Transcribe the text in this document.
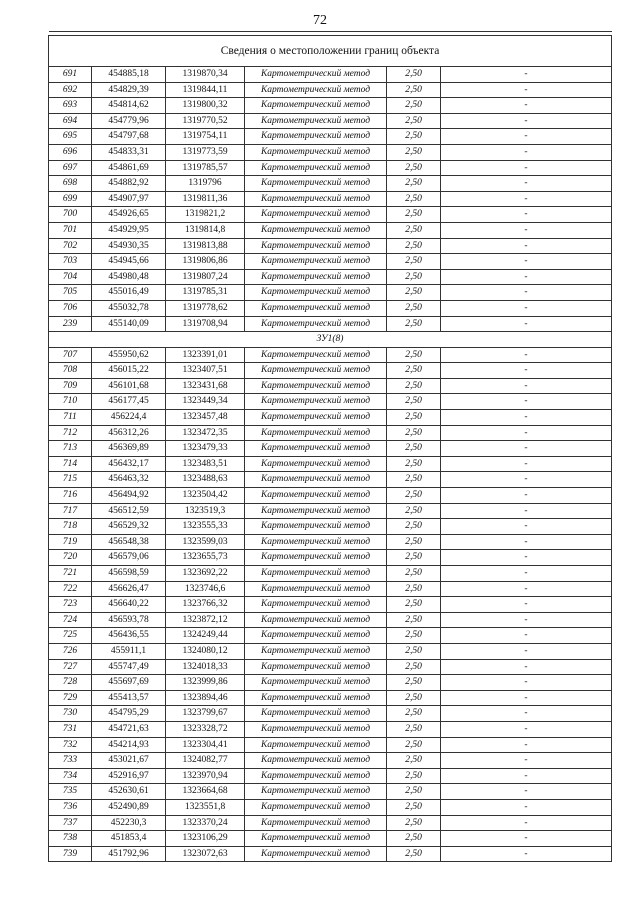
72

Сведения о местоположении границ объекта					
691	454885,18	1319870,34	Картометрический метод	2,50	-
692	454829,39	1319844,11	Картометрический метод	2,50	-
693	454814,62	1319800,32	Картометрический метод	2,50	-
694	454779,96	1319770,52	Картометрический метод	2,50	-
695	454797,68	1319754,11	Картометрический метод	2,50	-
696	454833,31	1319773,59	Картометрический метод	2,50	-
697	454861,69	1319785,57	Картометрический метод	2,50	-
698	454882,92	1319796	Картометрический метод	2,50	-
699	454907,97	1319811,36	Картометрический метод	2,50	-
700	454926,65	1319821,2	Картометрический метод	2,50	-
701	454929,95	1319814,8	Картометрический метод	2,50	-
702	454930,35	1319813,88	Картометрический метод	2,50	-
703	454945,66	1319806,86	Картометрический метод	2,50	-
704	454980,48	1319807,24	Картометрический метод	2,50	-
705	455016,49	1319785,31	Картометрический метод	2,50	-
706	455032,78	1319778,62	Картометрический метод	2,50	-
239	455140,09	1319708,94	Картометрический метод	2,50	-
ЗУ1(8)					
707	455950,62	1323391,01	Картометрический метод	2,50	-
708	456015,22	1323407,51	Картометрический метод	2,50	-
709	456101,68	1323431,68	Картометрический метод	2,50	-
710	456177,45	1323449,34	Картометрический метод	2,50	-
711	456224,4	1323457,48	Картометрический метод	2,50	-
712	456312,26	1323472,35	Картометрический метод	2,50	-
713	456369,89	1323479,33	Картометрический метод	2,50	-
714	456432,17	1323483,51	Картометрический метод	2,50	-
715	456463,32	1323488,63	Картометрический метод	2,50	-
716	456494,92	1323504,42	Картометрический метод	2,50	-
717	456512,59	1323519,3	Картометрический метод	2,50	-
718	456529,32	1323555,33	Картометрический метод	2,50	-
719	456548,38	1323599,03	Картометрический метод	2,50	-
720	456579,06	1323655,73	Картометрический метод	2,50	-
721	456598,59	1323692,22	Картометрический метод	2,50	-
722	456626,47	1323746,6	Картометрический метод	2,50	-
723	456640,22	1323766,32	Картометрический метод	2,50	-
724	456593,78	1323872,12	Картометрический метод	2,50	-
725	456436,55	1324249,44	Картометрический метод	2,50	-
726	455911,1	1324080,12	Картометрический метод	2,50	-
727	455747,49	1324018,33	Картометрический метод	2,50	-
728	455697,69	1323999,86	Картометрический метод	2,50	-
729	455413,57	1323894,46	Картометрический метод	2,50	-
730	454795,29	1323799,67	Картометрический метод	2,50	-
731	454721,63	1323328,72	Картометрический метод	2,50	-
732	454214,93	1323304,41	Картометрический метод	2,50	-
733	453021,67	1324082,77	Картометрический метод	2,50	-
734	452916,97	1323970,94	Картометрический метод	2,50	-
735	452630,61	1323664,68	Картометрический метод	2,50	-
736	452490,89	1323551,8	Картометрический метод	2,50	-
737	452230,3	1323370,24	Картометрический метод	2,50	-
738	451853,4	1323106,29	Картометрический метод	2,50	-
739	451792,96	1323072,63	Картометрический метод	2,50	-
